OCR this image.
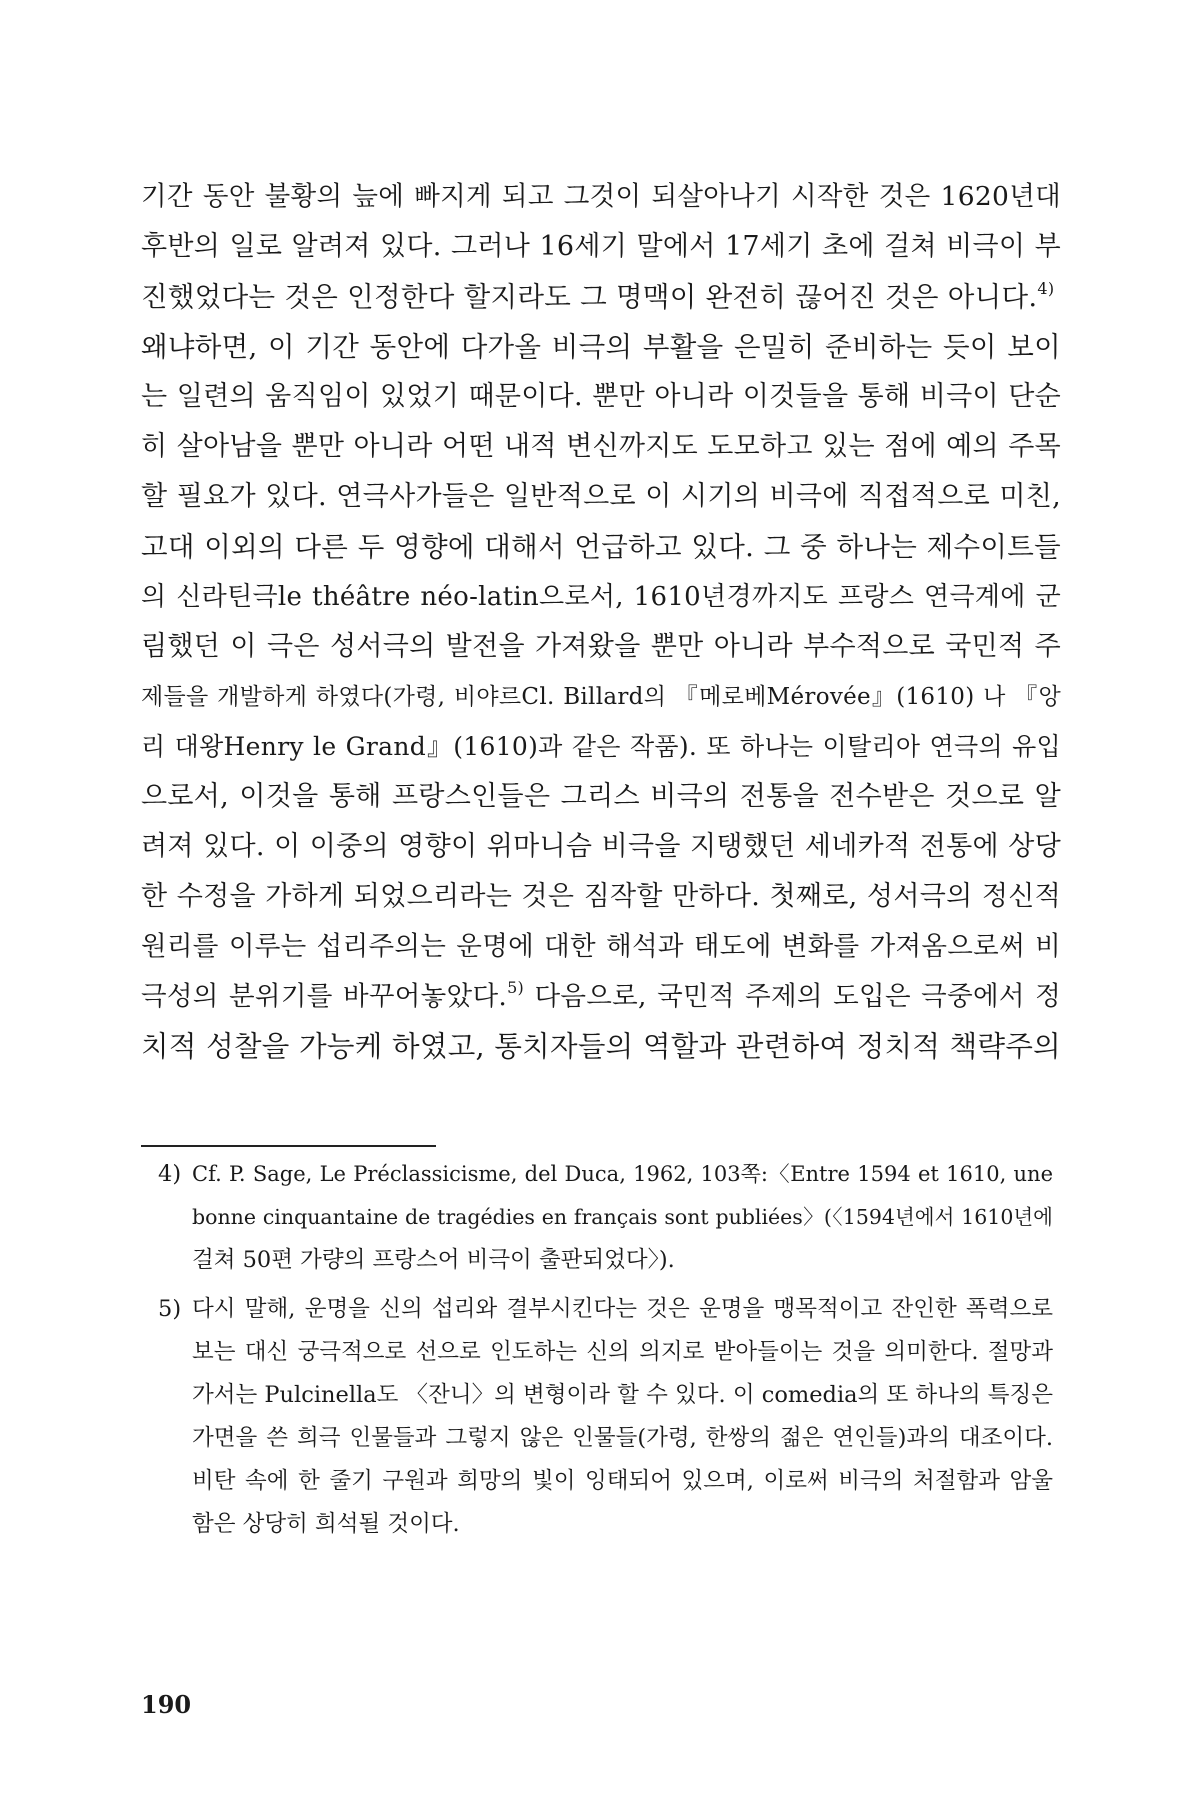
기간 동안 불황의 늪에 빠지게 되고 그것이 되살아나기 시작한 것은 1620년대
후반의 일로 알려져 있다. 그러나 16세기 말에서 17세기 초에 걸쳐 비극이 부
진했었다는 것은 인정한다 할지라도 그 명맥이 완전히 끊어진 것은 아니다.$^{4)}$
왜냐하면, 이 기간 동안에 다가올 비극의 부활을 은밀히 준비하는 듯이 보이
는 일련의 움직임이 있었기 때문이다. 뿐만 아니라 이것들을 통해 비극이 단순
히 살아남을 뿐만 아니라 어떤 내적 변신까지도 도모하고 있는 점에 예의 주목
할 필요가 있다. 연극사가들은 일반적으로 이 시기의 비극에 직접적으로 미친,
고대 이외의 다른 두 영향에 대해서 언급하고 있다. 그 중 하나는 제수이트들
의 신라틴극le théâtre néo-latin으로서, 1610년경까지도 프랑스 연극계에 군
림했던 이 극은 성서극의 발전을 가져왔을 뿐만 아니라 부수적으로 국민적 주
제들을 개발하게 하였다(가령, 비야르Cl. Billard의 『메로베Mérovée』(1610) 나 『앙
리 대왕Henry le Grand』(1610)과 같은 작품). 또 하나는 이탈리아 연극의 유입
으로서, 이것을 통해 프랑스인들은 그리스 비극의 전통을 전수받은 것으로 알
려져 있다. 이 이중의 영향이 위마니슴 비극을 지탱했던 세네카적 전통에 상당
한 수정을 가하게 되었으리라는 것은 짐작할 만하다. 첫째로, 성서극의 정신적
원리를 이루는 섭리주의는 운명에 대한 해석과 태도에 변화를 가져옴으로써 비
극성의 분위기를 바꾸어놓았다.$^{5)}$ 다음으로, 국민적 주제의 도입은 극중에서 정
치적 성찰을 가능케 하였고, 통치자들의 역할과 관련하여 정치적 책략주의
4) Cf. P. Sage, Le Préclassicisme, del Duca, 1962, 103쪽:〈Entre 1594 et 1610, une
bonne cinquantaine de tragédies en français sont publiées〉(〈1594년에서 1610년에
걸쳐 50편 가량의 프랑스어 비극이 출판되었다〉).
5) 다시 말해, 운명을 신의 섭리와 결부시킨다는 것은 운명을 맹목적이고 잔인한 폭력으로
보는 대신 궁극적으로 선으로 인도하는 신의 의지로 받아들이는 것을 의미한다. 절망과
가서는 Pulcinella도 〈잔니〉의 변형이라 할 수 있다. 이 comedia의 또 하나의 특징은
가면을 쓴 희극 인물들과 그렇지 않은 인물들(가령, 한쌍의 젊은 연인들)과의 대조이다.
비탄 속에 한 줄기 구원과 희망의 빛이 잉태되어 있으며, 이로써 비극의 처절함과 암울
함은 상당히 희석될 것이다.
190
